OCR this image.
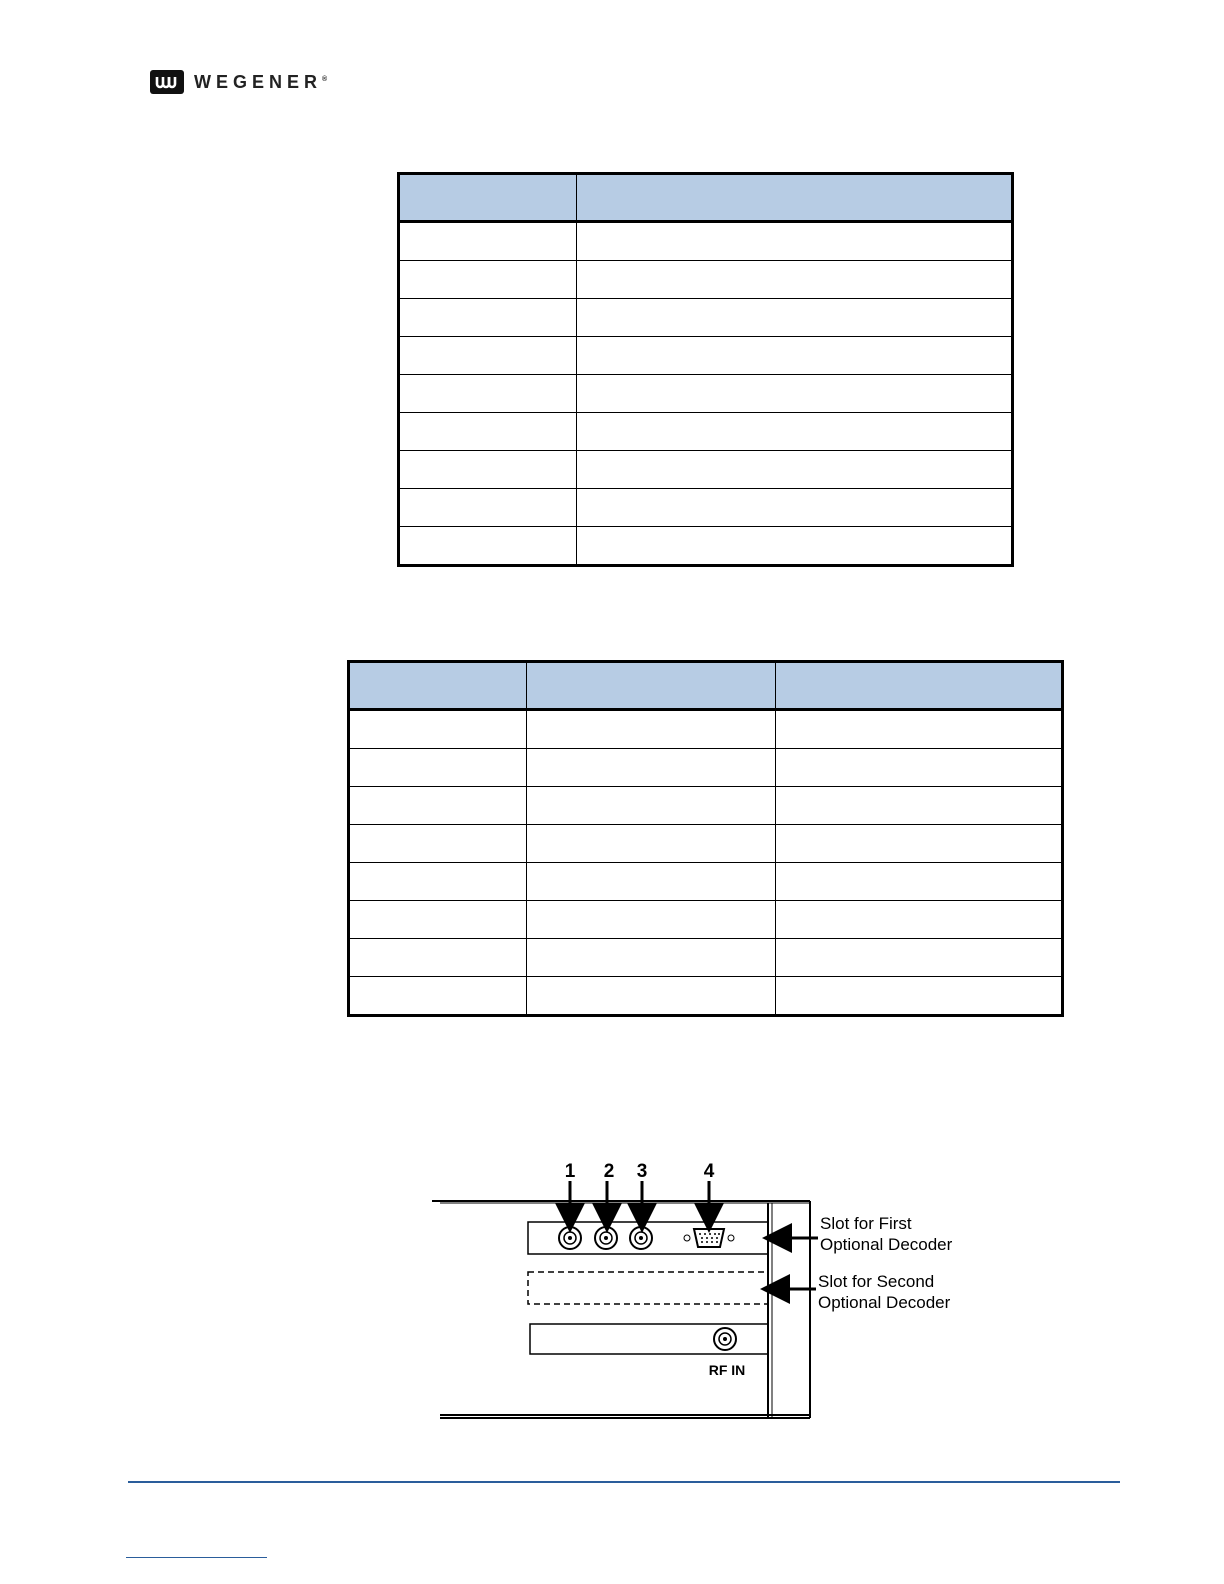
WEGENER®

1 2 3	4
RF IN
Slot for First
Optional Decoder
Slot for Second
Optional Decoder
